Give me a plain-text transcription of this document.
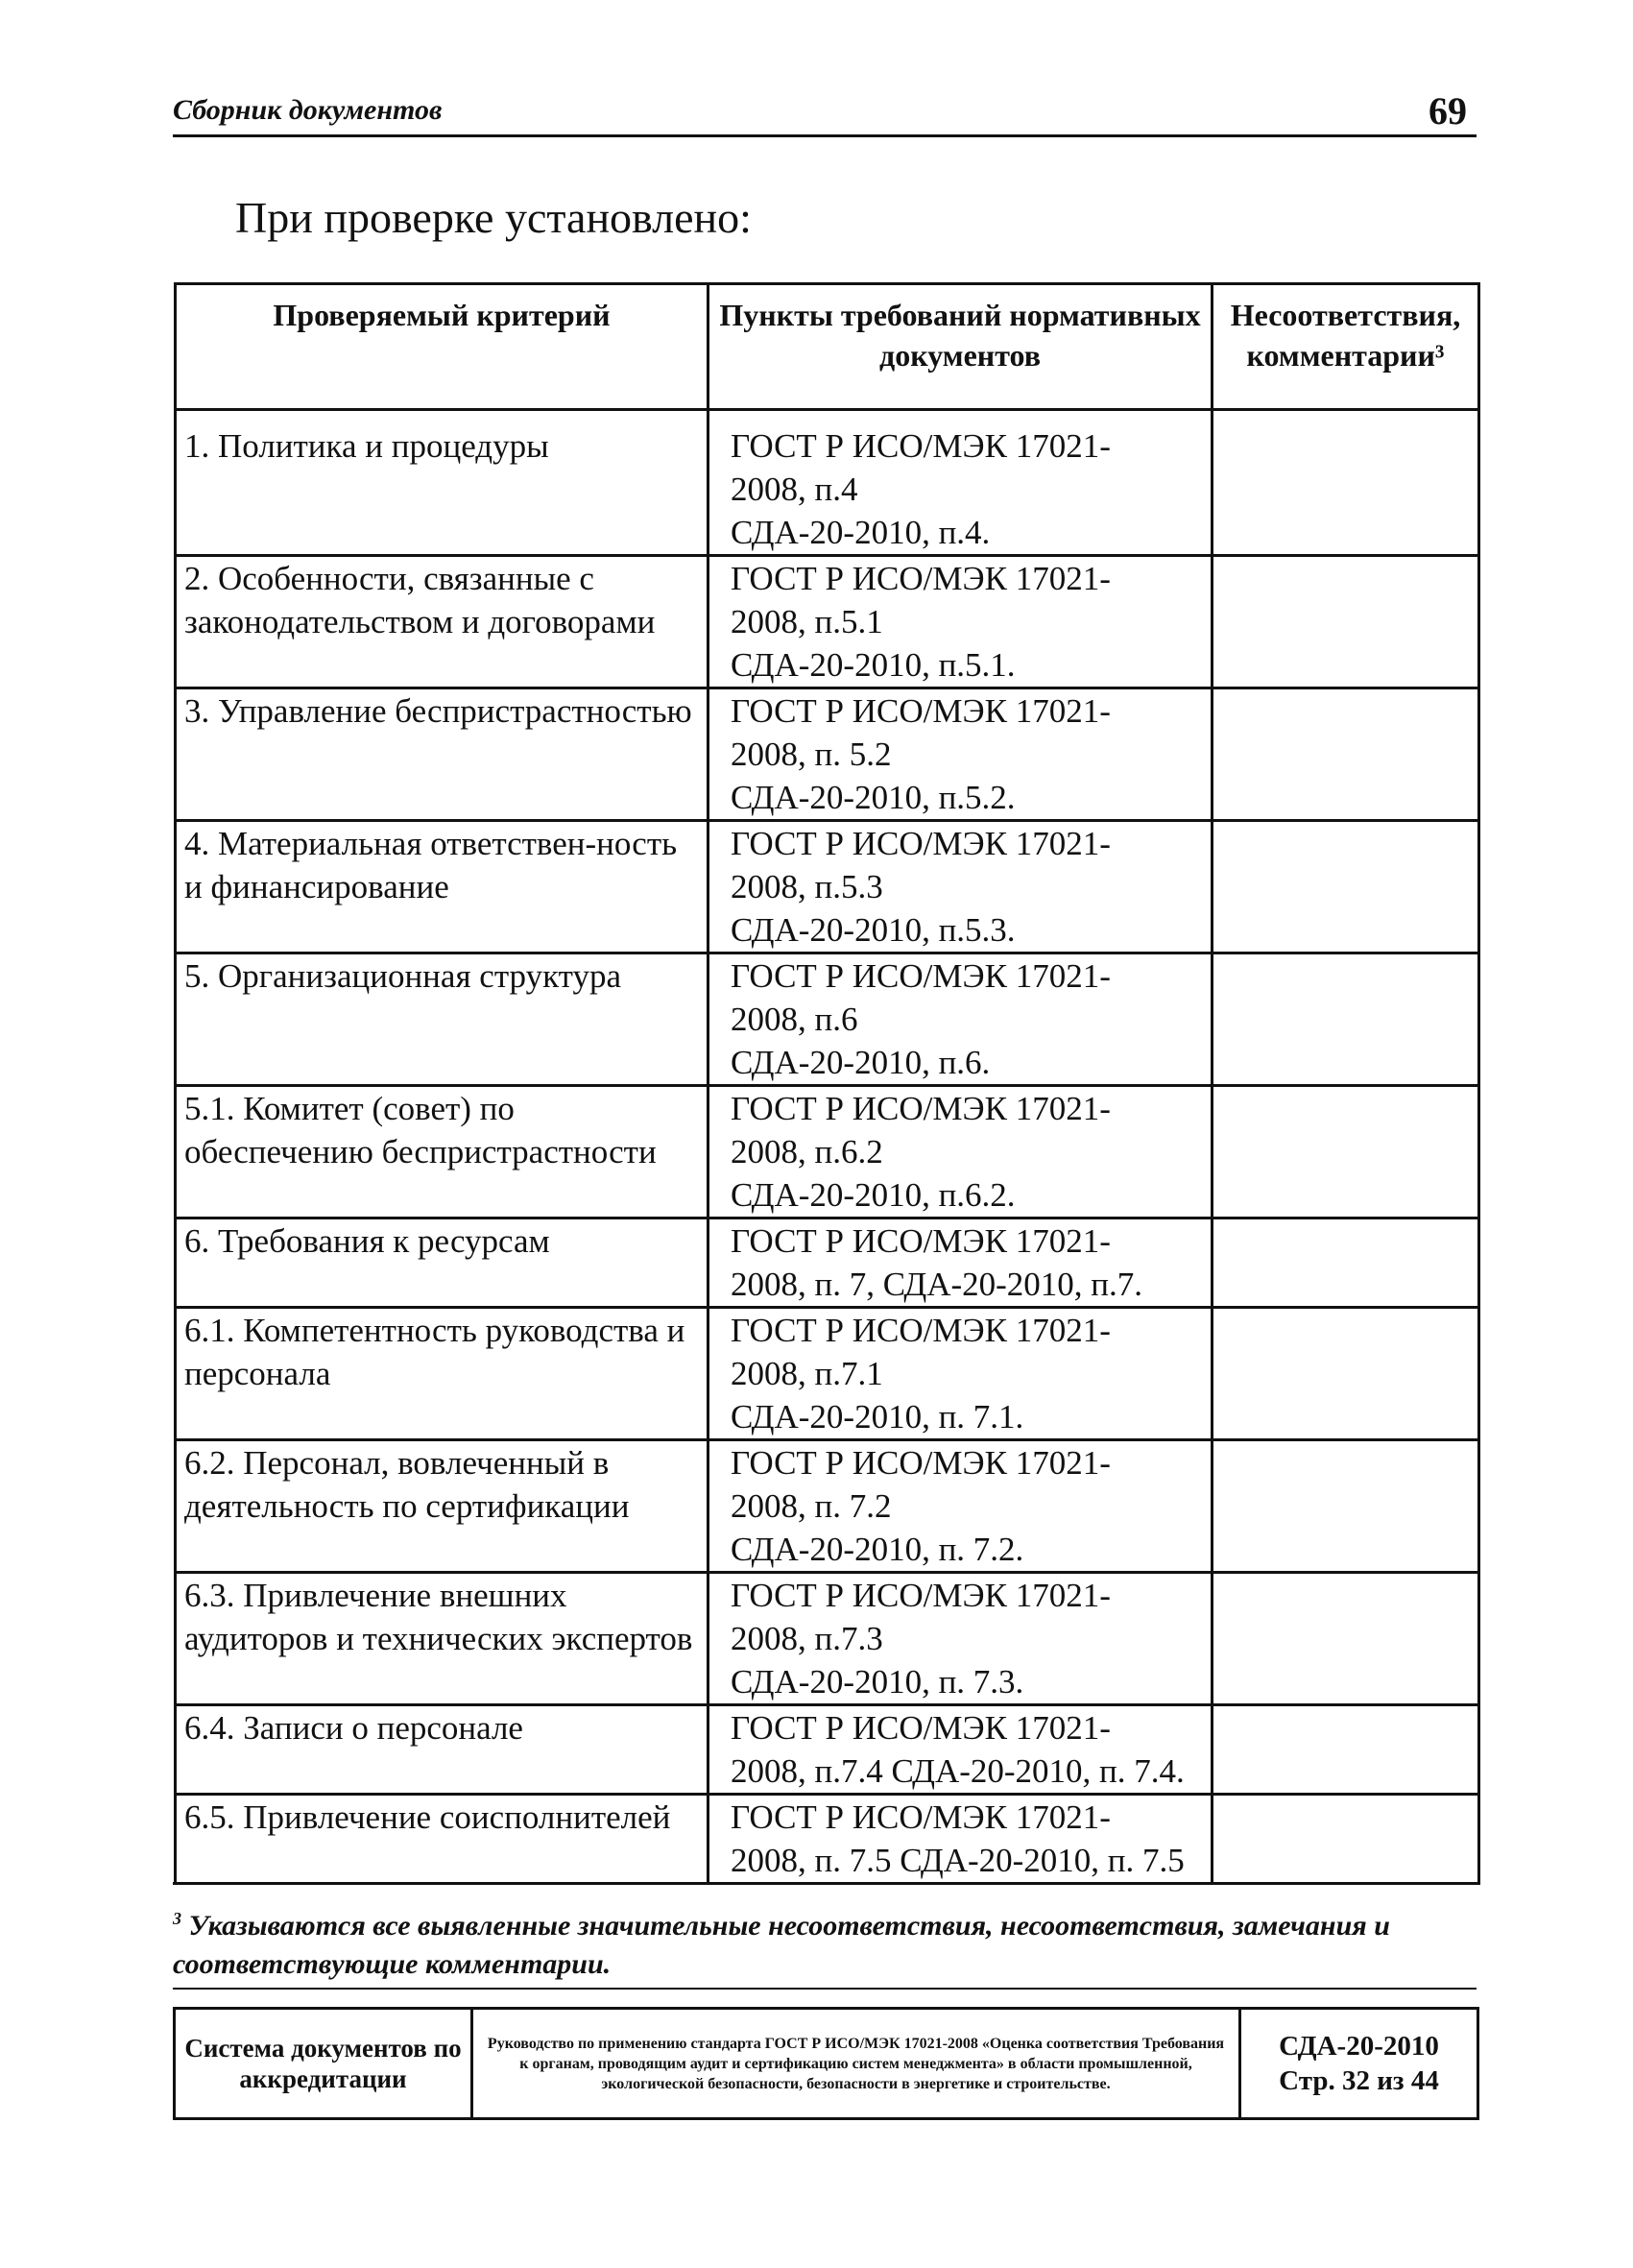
Сборник документов	69
При проверке установлено:
Проверяемый критерий	Пункты требований нормативных документов	Несоответствия, комментарии³
1. Политика и процедуры	ГОСТ Р ИСО/МЭК 17021-
2008, п.4
СДА-20-2010, п.4.	

2. Особенности, связанные с законодательством и договорами	ГОСТ Р ИСО/МЭК 17021-
2008, п.5.1
СДА-20-2010, п.5.1.	

3. Управление беспристрастностью	ГОСТ Р ИСО/МЭК 17021-
2008, п. 5.2
СДА-20-2010, п.5.2.	

4. Материальная ответствен-ность и финансирование	ГОСТ Р ИСО/МЭК 17021-
2008, п.5.3
СДА-20-2010, п.5.3.	

5. Организационная структура	ГОСТ Р ИСО/МЭК 17021-
2008, п.6
СДА-20-2010, п.6.	

5.1. Комитет (совет) по обеспечению беспристрастности	ГОСТ Р ИСО/МЭК 17021-
2008, п.6.2
СДА-20-2010, п.6.2.	

6. Требования к ресурсам	ГОСТ Р ИСО/МЭК 17021-
2008, п. 7, СДА-20-2010, п.7.	

6.1. Компетентность руководства и персонала	ГОСТ Р ИСО/МЭК 17021-
2008, п.7.1
СДА-20-2010, п. 7.1.	

6.2. Персонал, вовлеченный в деятельность по сертификации	ГОСТ Р ИСО/МЭК 17021-
2008, п. 7.2
СДА-20-2010, п. 7.2.	

6.3. Привлечение внешних аудиторов и технических экспертов	ГОСТ Р ИСО/МЭК 17021-
2008, п.7.3
СДА-20-2010, п. 7.3.	

6.4. Записи о персонале	ГОСТ Р ИСО/МЭК 17021-
2008, п.7.4 СДА-20-2010, п. 7.4.	

6.5. Привлечение соисполнителей	ГОСТ Р ИСО/МЭК 17021-
2008, п. 7.5 СДА-20-2010, п. 7.5	

$^3$ Указываются все выявленные значительные несоответствия, несоответствия, замечания и соответствующие комментарии.
Система документов по аккредитации	Руководство по применению стандарта ГОСТ Р ИСО/МЭК 17021-2008 «Оценка соответствия Требования к органам, проводящим аудит и сертификацию систем менеджмента» в области промышленной, экологической безопасности, безопасности в энергетике и строительстве.	
СДА-20-2010
Стр. 32 из 44
